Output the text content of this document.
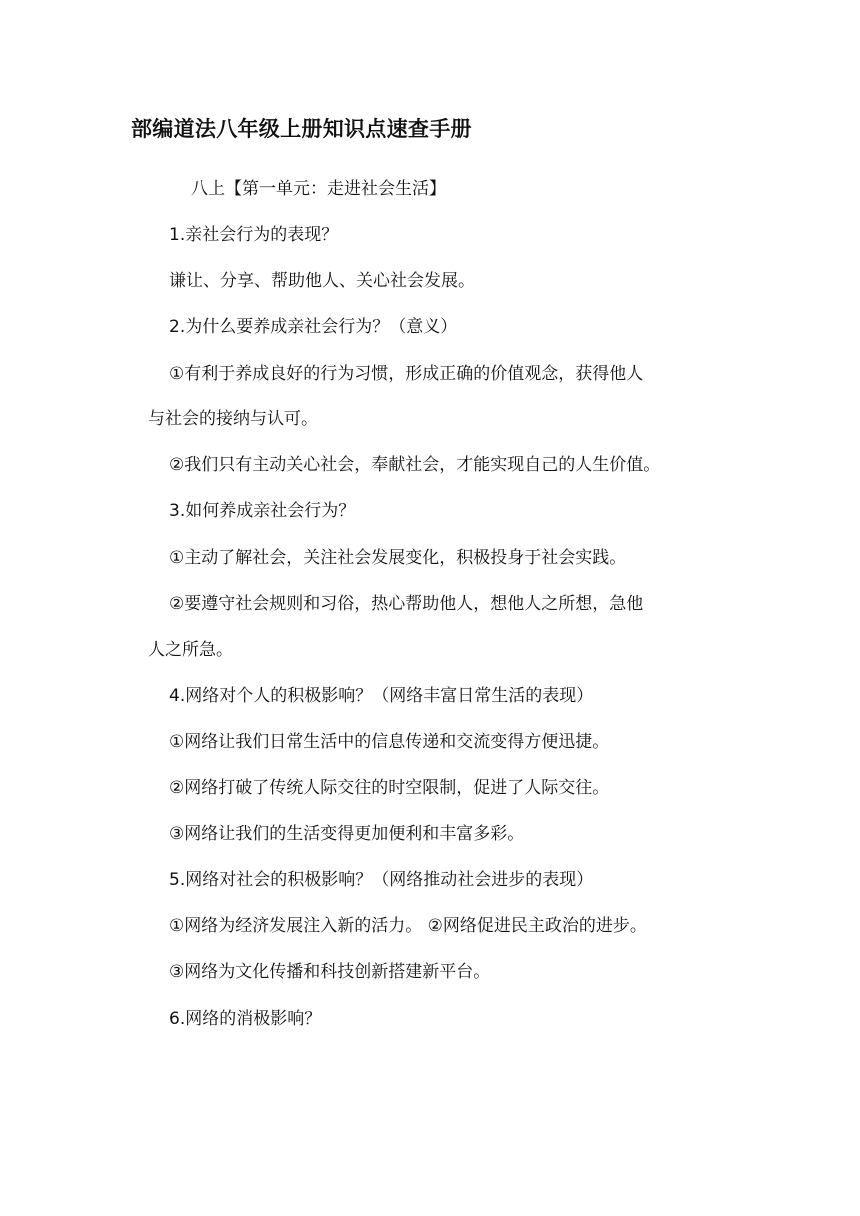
部编道法八年级上册知识点速查手册
八上【第一单元：走进社会生活】
1.亲社会行为的表现？
谦让、分享、帮助他人、关心社会发展。
2.为什么要养成亲社会行为？（意义）
①有利于养成良好的行为习惯，形成正确的价值观念，获得他人
与社会的接纳与认可。
②我们只有主动关心社会，奉献社会，才能实现自己的人生价值。
3.如何养成亲社会行为？
①主动了解社会，关注社会发展变化，积极投身于社会实践。
②要遵守社会规则和习俗，热心帮助他人，想他人之所想，急他
人之所急。
4.网络对个人的积极影响？（网络丰富日常生活的表现）
①网络让我们日常生活中的信息传递和交流变得方便迅捷。
②网络打破了传统人际交往的时空限制，促进了人际交往。
③网络让我们的生活变得更加便利和丰富多彩。
5.网络对社会的积极影响？（网络推动社会进步的表现）
①网络为经济发展注入新的活力。 ②网络促进民主政治的进步。
③网络为文化传播和科技创新搭建新平台。
6.网络的消极影响？
